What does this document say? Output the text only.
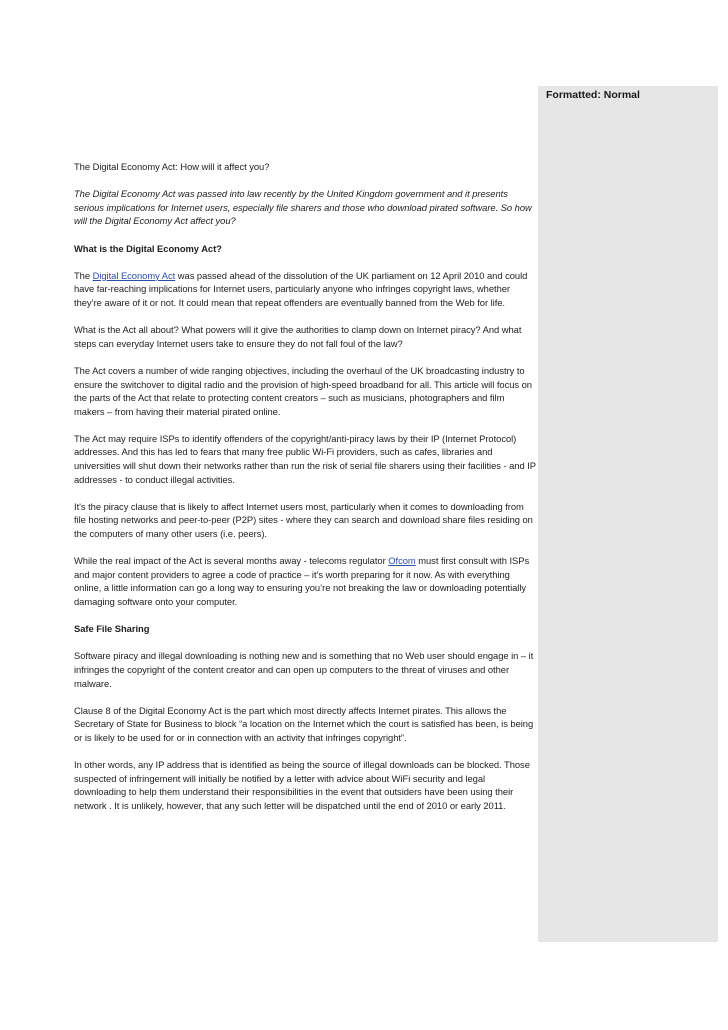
Formatted: Normal

The Digital Economy Act: How will it affect you?

The Digital Economy Act was passed into law recently by the United Kingdom government and it presents serious implications for Internet users, especially file sharers and those who download pirated software. So how will the Digital Economy Act affect you?

What is the Digital Economy Act?

The Digital Economy Act was passed ahead of the dissolution of the UK parliament on 12 April 2010 and could have far-reaching implications for Internet users, particularly anyone who infringes copyright laws, whether they’re aware of it or not. It could mean that repeat offenders are eventually banned from the Web for life.

What is the Act all about? What powers will it give the authorities to clamp down on Internet piracy? And what steps can everyday Internet users take to ensure they do not fall foul of the law?

The Act covers a number of wide ranging objectives, including the overhaul of the UK broadcasting industry to ensure the switchover to digital radio and the provision of high-speed broadband for all. This article will focus on the parts of the Act that relate to protecting content creators – such as musicians, photographers and film makers – from having their material pirated online.

The Act may require ISPs to identify offenders of the copyright/anti-piracy laws by their IP (Internet Protocol) addresses. And this has led to fears that many free public Wi-Fi providers, such as cafes, libraries and universities will shut down their networks rather than run the risk of serial file sharers using their facilities - and IP addresses - to conduct illegal activities.

It's the piracy clause that is likely to affect Internet users most, particularly when it comes to downloading from file hosting networks and peer-to-peer (P2P) sites - where they can search and download share files residing on the computers of many other users (i.e. peers).

While the real impact of the Act is several months away - telecoms regulator Ofcom must first consult with ISPs and major content providers to agree a code of practice – it’s worth preparing for it now. As with everything online, a little information can go a long way to ensuring you’re not breaking the law or downloading potentially damaging software onto your computer.

Safe File Sharing

Software piracy and illegal downloading is nothing new and is something that no Web user should engage in – it infringes the copyright of the content creator and can open up computers to the threat of viruses and other malware.

Clause 8 of the Digital Economy Act is the part which most directly affects Internet pirates. This allows the Secretary of State for Business to block “a location on the Internet which the court is satisfied has been, is being or is likely to be used for or in connection with an activity that infringes copyright”.

In other words, any IP address that is identified as being the source of illegal downloads can be blocked. Those suspected of infringement will initially be notified by a letter with advice about WiFi security and legal downloading to help them understand their responsibilities in the event that outsiders have been using their network . It is unlikely, however, that any such letter will be dispatched until the end of 2010 or early 2011.
